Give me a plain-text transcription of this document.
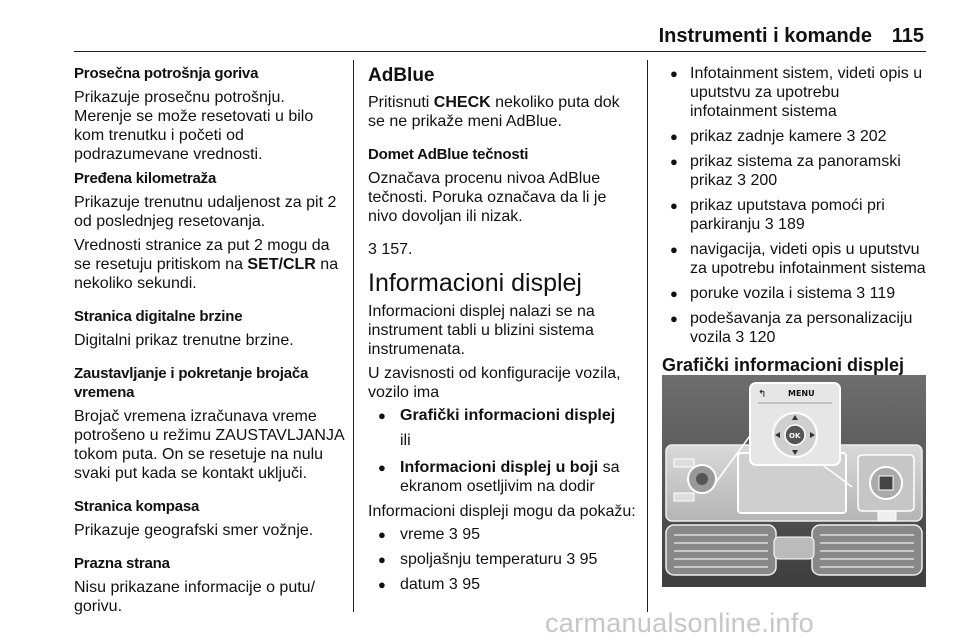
Instrumenti i komande 115
Prosečna potrošnja goriva

Prikazuje prosečnu potrošnju. Merenje se može resetovati u bilo kom trenutku i početi od podrazumevane vrednosti.

Pređena kilometraža

Prikazuje trenutnu udaljenost za pit 2 od poslednjeg resetovanja.

Vrednosti stranice za put 2 mogu da se resetuju pritiskom na SET/CLR na nekoliko sekundi.

Stranica digitalne brzine

Digitalni prikaz trenutne brzine.

Zaustavljanje i pokretanje brojača vremena

Brojač vremena izračunava vreme potrošeno u režimu ZAUSTAVLJANJA tokom puta. On se resetuje na nulu svaki put kada se kontakt uključi.

Stranica kompasa

Prikazuje geografski smer vožnje.

Prazna strana

Nisu prikazane informacije o putu/ gorivu.

AdBlue

Pritisnuti CHECK nekoliko puta dok se ne prikaže meni AdBlue.

Domet AdBlue tečnosti

Označava procenu nivoa AdBlue tečnosti. Poruka označava da li je nivo dovoljan ili nizak.

3 157.

Informacioni displej

Informacioni displej nalazi se na instrument tabli u blizini sistema instrumenata.

U zavisnosti od konfiguracije vozila, vozilo ima

● Grafički informacioni displej
ili
● Informacioni displej u boji sa ekranom osetljivim na dodir

Informacioni displeji mogu da pokažu:

● vreme 3 95
● spoljašnju temperaturu 3 95
● datum 3 95
● Infotainment sistem, videti opis u uputstvu za upotrebu infotainment sistema
● prikaz zadnje kamere 3 202
● prikaz sistema za panoramski prikaz 3 200
● prikaz uputstava pomoći pri parkiranju 3 189
● navigacija, videti opis u uputstvu za upotrebu infotainment sistema
● poruke vozila i sistema 3 119
● podešavanja za personalizaciju vozila 3 120
Grafički informacioni displej
↰	MENU
OK
carmanualsonline.info
